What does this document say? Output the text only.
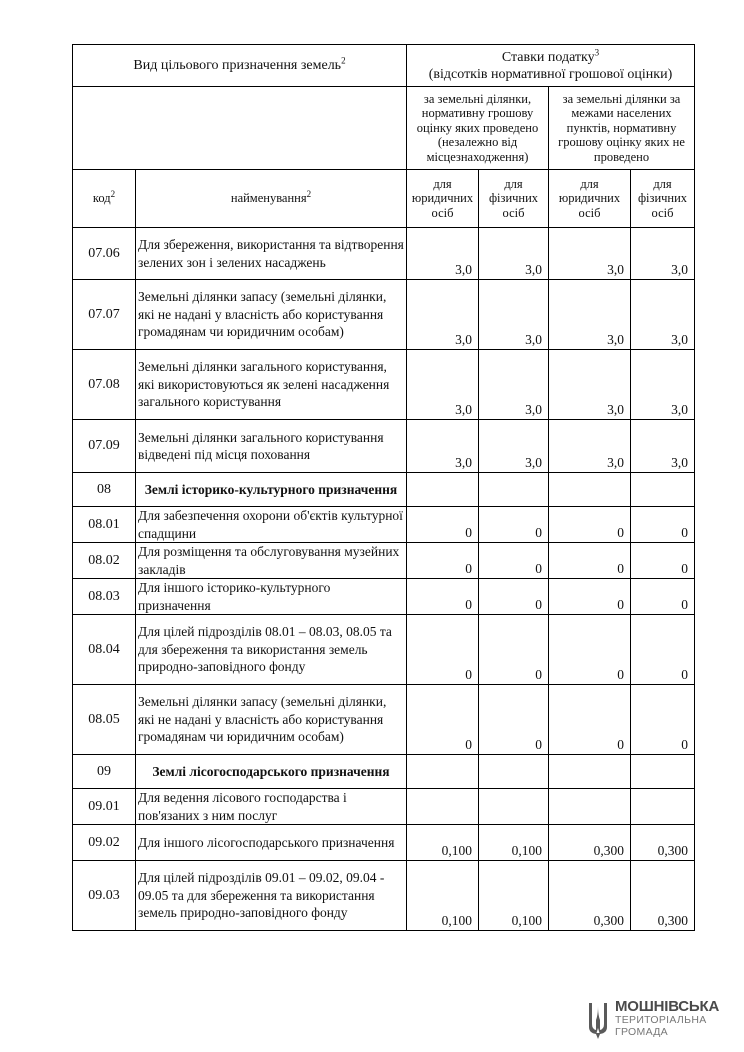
Вид цільового призначення земель$^2$		Ставки податку$^3$
(відсотків нормативної грошової оцінки)			
		за земельні ділянки, нормативну грошову оцінку яких проведено (незалежно від місцезнаходження)		за земельні ділянки за межами населених пунктів, нормативну грошову оцінку яких не проведено	
код$^2$	найменування$^2$	для юридичних осіб	для фізичних осіб	для юридичних осіб	для фізичних осіб
07.06	Для збереження, використання та відтворення зелених зон і зелених насаджень	3,0	3,0	3,0	3,0
07.07	Земельні ділянки запасу (земельні ділянки, які не надані у власність або користування громадянам чи юридичним особам)	3,0	3,0	3,0	3,0
07.08	Земельні ділянки загального користування, які використовуються як зелені насадження загального користування	3,0	3,0	3,0	3,0
07.09	Земельні ділянки загального користування відведені під місця поховання	3,0	3,0	3,0	3,0
08	Землі історико-культурного призначення				
08.01	Для забезпечення охорони об'єктів культурної спадщини	0	0	0	0
08.02	Для розміщення та обслуговування музейних закладів	0	0	0	0
08.03	Для іншого історико-культурного призначення	0	0	0	0
08.04	Для цілей підрозділів 08.01 – 08.03, 08.05 та для збереження та використання земель природно-заповідного фонду	0	0	0	0
08.05	Земельні ділянки запасу (земельні ділянки, які не надані у власність або користування громадянам чи юридичним особам)	0	0	0	0
09	Землі лісогосподарського призначення				
09.01	Для ведення лісового господарства і пов'язаних з ним послуг				
09.02	Для іншого лісогосподарського призначення	0,100	0,100	0,300	0,300
09.03	Для цілей підрозділів 09.01 – 09.02, 09.04 - 09.05 та для збереження та використання земель природно-заповідного фонду	0,100	0,100	0,300	0,300
МОШНІВСЬКА
ТЕРИТОРІАЛЬНА
ГРОМАДА
